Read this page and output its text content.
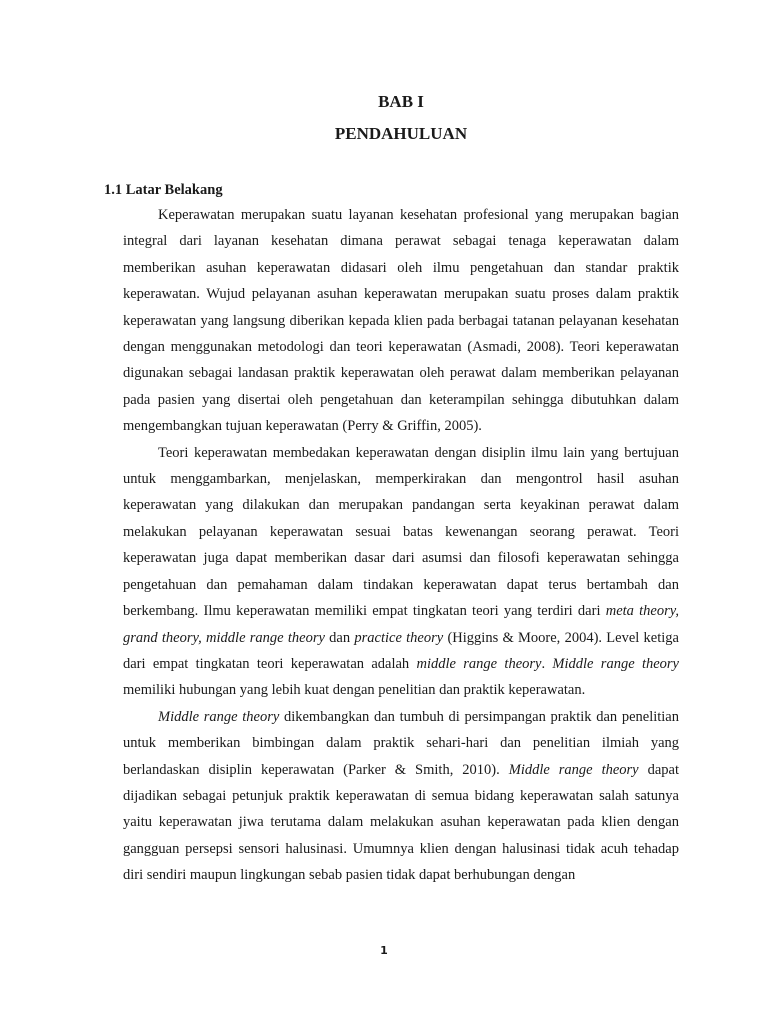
BAB I
PENDAHULUAN
1.1 Latar Belakang

Keperawatan merupakan suatu layanan kesehatan profesional yang merupakan bagian integral dari layanan kesehatan dimana perawat sebagai tenaga keperawatan dalam memberikan asuhan keperawatan didasari oleh ilmu pengetahuan dan standar praktik keperawatan. Wujud pelayanan asuhan keperawatan merupakan suatu proses dalam praktik keperawatan yang langsung diberikan kepada klien pada berbagai tatanan pelayanan kesehatan dengan menggunakan metodologi dan teori keperawatan (Asmadi, 2008). Teori keperawatan digunakan sebagai landasan praktik keperawatan oleh perawat dalam memberikan pelayanan pada pasien yang disertai oleh pengetahuan dan keterampilan sehingga dibutuhkan dalam mengembangkan tujuan keperawatan (Perry & Griffin, 2005).

Teori keperawatan membedakan keperawatan dengan disiplin ilmu lain yang bertujuan untuk menggambarkan, menjelaskan, memperkirakan dan mengontrol hasil asuhan keperawatan yang dilakukan dan merupakan pandangan serta keyakinan perawat dalam melakukan pelayanan keperawatan sesuai batas kewenangan seorang perawat. Teori keperawatan juga dapat memberikan dasar dari asumsi dan filosofi keperawatan sehingga pengetahuan dan pemahaman dalam tindakan keperawatan dapat terus bertambah dan berkembang. Ilmu keperawatan memiliki empat tingkatan teori yang terdiri dari meta theory, grand theory, middle range theory dan practice theory (Higgins & Moore, 2004). Level ketiga dari empat tingkatan teori keperawatan adalah middle range theory. Middle range theory memiliki hubungan yang lebih kuat dengan penelitian dan praktik keperawatan.

Middle range theory dikembangkan dan tumbuh di persimpangan praktik dan penelitian untuk memberikan bimbingan dalam praktik sehari-hari dan penelitian ilmiah yang berlandaskan disiplin keperawatan (Parker & Smith, 2010). Middle range theory dapat dijadikan sebagai petunjuk praktik keperawatan di semua bidang keperawatan salah satunya yaitu keperawatan jiwa terutama dalam melakukan asuhan keperawatan pada klien dengan gangguan persepsi sensori halusinasi. Umumnya klien dengan halusinasi tidak acuh tehadap diri sendiri maupun lingkungan sebab pasien tidak dapat berhubungan dengan

1
